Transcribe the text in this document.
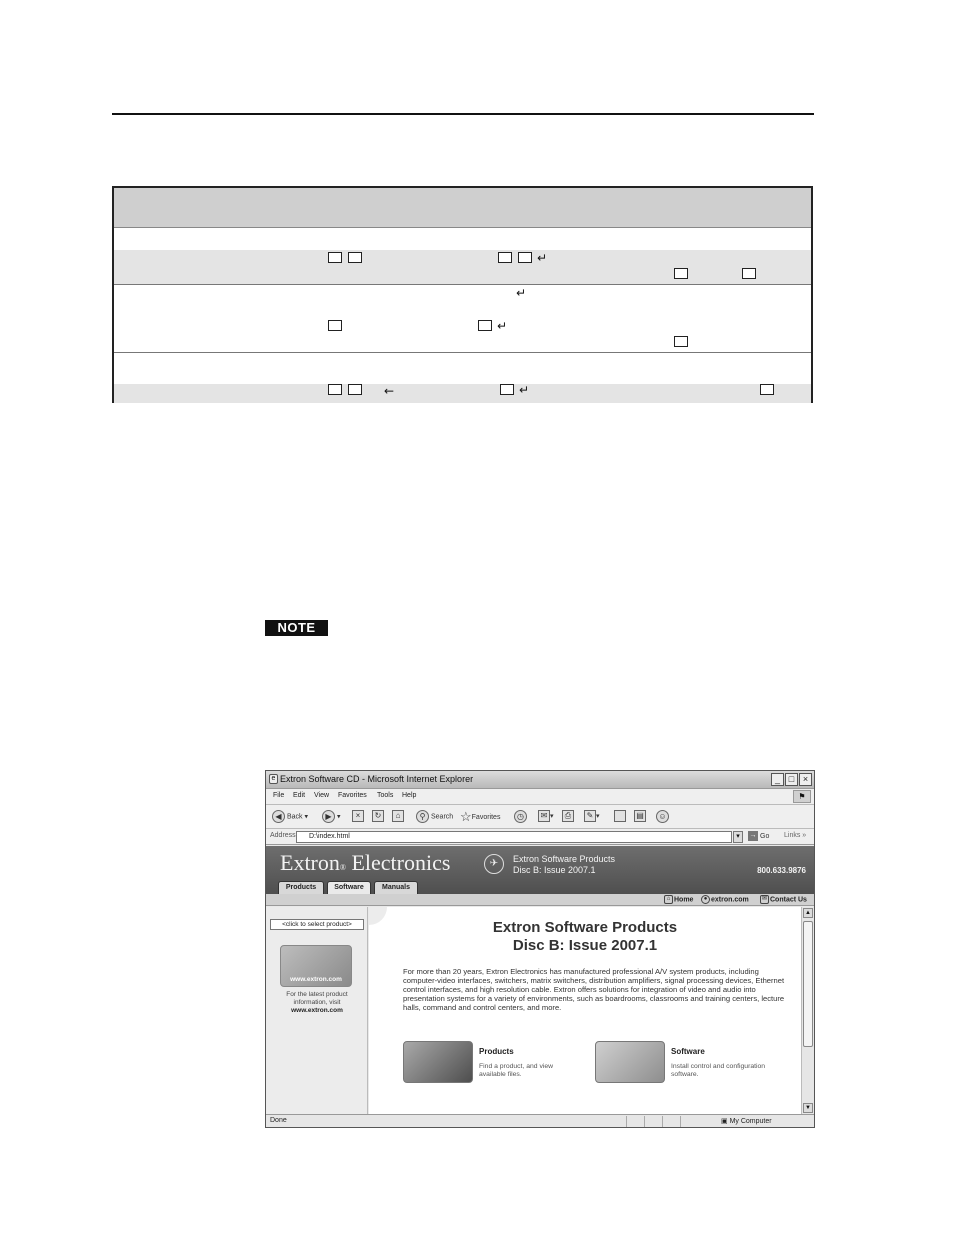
↵
↵
↵
←	↵
NOTE
e Extron Software CD - Microsoft Internet Explorer	_ □ ×
File Edit View Favorites Tools Help	⚑
◀ Back ▾	▶ ▾	×	↻	⌂	⚲ Search ☆Favorites	◷	✉ ▾	⎙	✎ ▾	▤	☺
Address	D:\index.html	▾	→ Go Links »
Extron® Electronics	✈	Extron Software Products
Disc B: Issue 2007.1	800.633.9876
Products	Software	Manuals
⌂ Home	● extron.com	✉ Contact Us
<click to select product>
www.extron.com
For the latest product information, visit
www.extron.com
Extron Software Products
Disc B: Issue 2007.1
For more than 20 years, Extron Electronics has manufactured professional A/V system products, including computer-video interfaces, switchers, matrix switchers, distribution amplifiers, signal processing devices, Ethernet control interfaces, and high resolution cable. Extron offers solutions for integration of video and audio into presentation systems for a variety of environments, such as boardrooms, classrooms and training centers, lecture halls, command and control centers, and more.
Products
Find a product, and view available files.
Software
Install control and configuration software.
▲
▼
Done	▣ My Computer
